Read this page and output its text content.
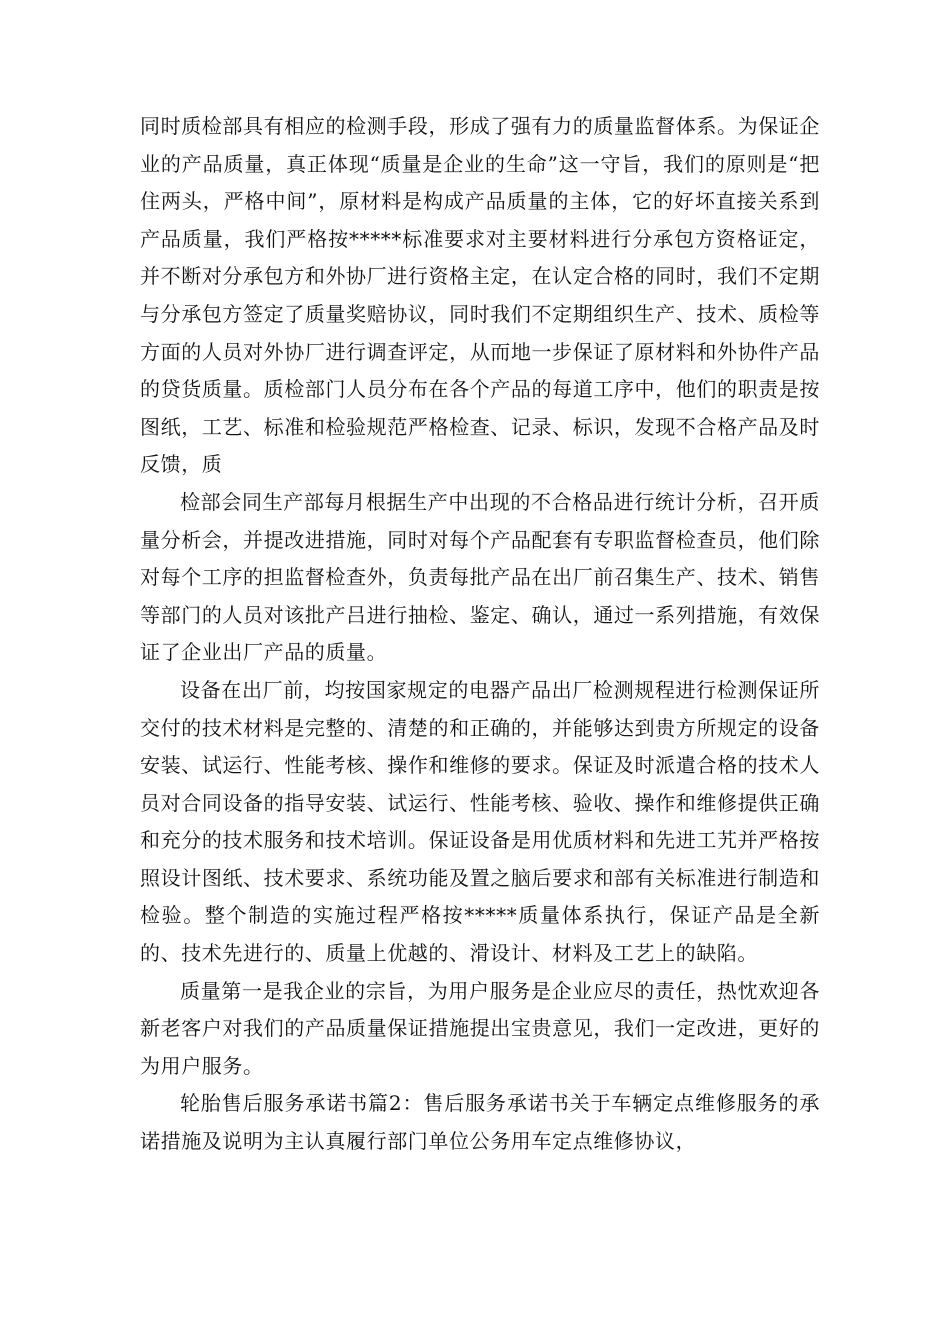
同时质检部具有相应的检测手段，形成了强有力的质量监督体系。为保证企业的产品质量，真正体现“质量是企业的生命”这一守旨，我们的原则是“把住两头，严格中间”，原材料是构成产品质量的主体，它的好坏直接关系到产品质量，我们严格按*****标准要求对主要材料进行分承包方资格证定，并不断对分承包方和外协厂进行资格主定，在认定合格的同时，我们不定期与分承包方签定了质量奖赔协议，同时我们不定期组织生产、技术、质检等方面的人员对外协厂进行调查评定，从而地一步保证了原材料和外协件产品的贷货质量。质检部门人员分布在各个产品的每道工序中，他们的职责是按图纸，工艺、标准和检验规范严格检查、记录、标识，发现不合格产品及时反馈，质

检部会同生产部每月根据生产中出现的不合格品进行统计分析，召开质量分析会，并提改进措施，同时对每个产品配套有专职监督检查员，他们除对每个工序的担监督检查外，负责每批产品在出厂前召集生产、技术、销售等部门的人员对该批产吕进行抽检、鉴定、确认，通过一系列措施，有效保证了企业出厂产品的质量。

设备在出厂前，均按国家规定的电器产品出厂检测规程进行检测保证所交付的技术材料是完整的、清楚的和正确的，并能够达到贵方所规定的设备安装、试运行、性能考核、操作和维修的要求。保证及时派遣合格的技术人员对合同设备的指导安装、试运行、性能考核、验收、操作和维修提供正确和充分的技术服务和技术培训。保证设备是用优质材料和先进工艽并严格按照设计图纸、技术要求、系统功能及置之脑后要求和部有关标准进行制造和检验。整个制造的实施过程严格按*****质量体系执行，保证产品是全新的、技术先进行的、质量上优越的、滑设计、材料及工艺上的缺陷。

质量第一是我企业的宗旨，为用户服务是企业应尽的责任，热忱欢迎各新老客户对我们的产品质量保证措施提出宝贵意见，我们一定改进，更好的为用户服务。

轮胎售后服务承诺书篇2：售后服务承诺书关于车辆定点维修服务的承诺措施及说明为主认真履行部门单位公务用车定点维修协议，
